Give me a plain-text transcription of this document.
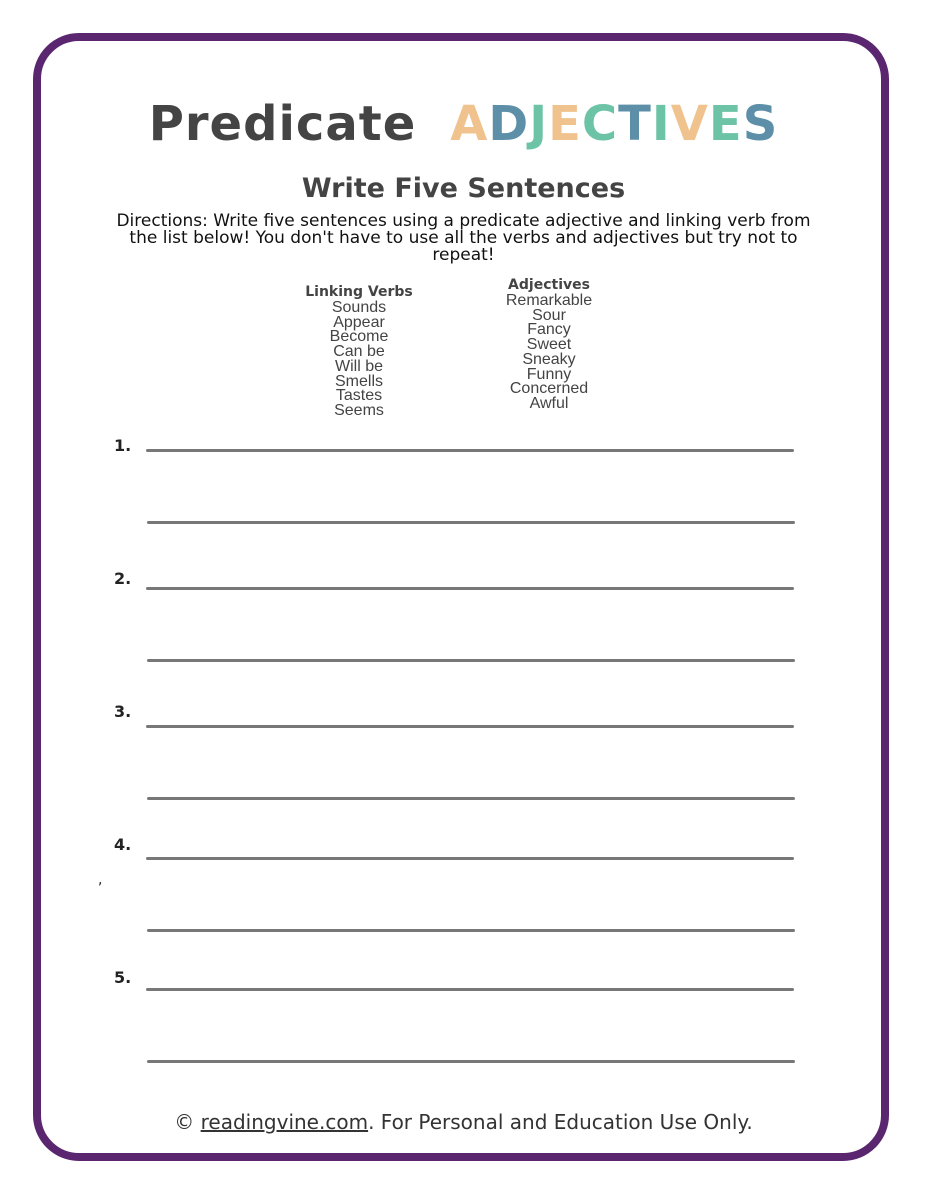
Predicate ADJECTIVES
Write Five Sentences
Directions: Write five sentences using a predicate adjective and linking verb from the list below! You don't have to use all the verbs and adjectives but try not to repeat!
Linking Verbs
Sounds
Appear
Become
Can be
Will be
Smells
Tastes
Seems
Adjectives
Remarkable
Sour
Fancy
Sweet
Sneaky
Funny
Concerned
Awful
1.
2.
3.
4.
,
5.
© readingvine.com. For Personal and Education Use Only.
